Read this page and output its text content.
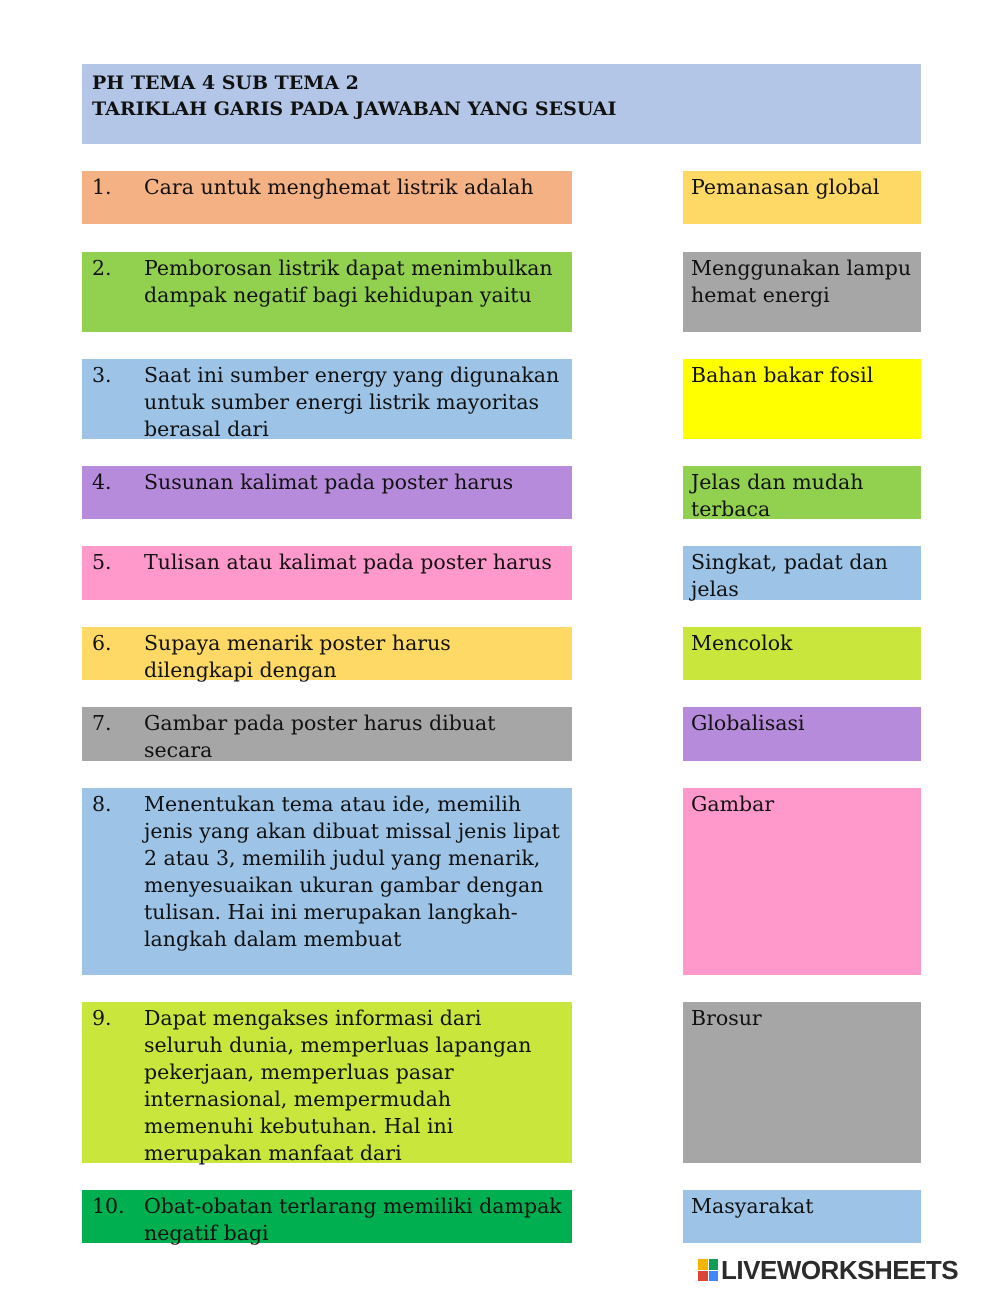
PH TEMA 4 SUB TEMA 2
TARIKLAH GARIS PADA JAWABAN YANG SESUAI
1. Cara untuk menghemat listrik adalah
2. Pemborosan listrik dapat menimbulkan dampak negatif bagi kehidupan yaitu
3. Saat ini sumber energy yang digunakan untuk sumber energi listrik mayoritas berasal dari
4. Susunan kalimat pada poster harus
5. Tulisan atau kalimat pada poster harus
6. Supaya menarik poster harus dilengkapi dengan
7. Gambar pada poster harus dibuat secara
8. Menentukan tema atau ide, memilih jenis yang akan dibuat missal jenis lipat 2 atau 3, memilih judul yang menarik, menyesuaikan ukuran gambar dengan tulisan. Hai ini merupakan langkah-langkah dalam membuat
9. Dapat mengakses informasi dari seluruh dunia, memperluas lapangan pekerjaan, memperluas pasar internasional, mempermudah memenuhi kebutuhan. Hal ini merupakan manfaat dari
10. Obat-obatan terlarang memiliki dampak negatif bagi
Pemanasan global
Menggunakan lampu hemat energi
Bahan bakar fosil
Jelas dan mudah terbaca
Singkat, padat dan jelas
Mencolok
Globalisasi
Gambar
Brosur
Masyarakat
LIVEWORKSHEETS
